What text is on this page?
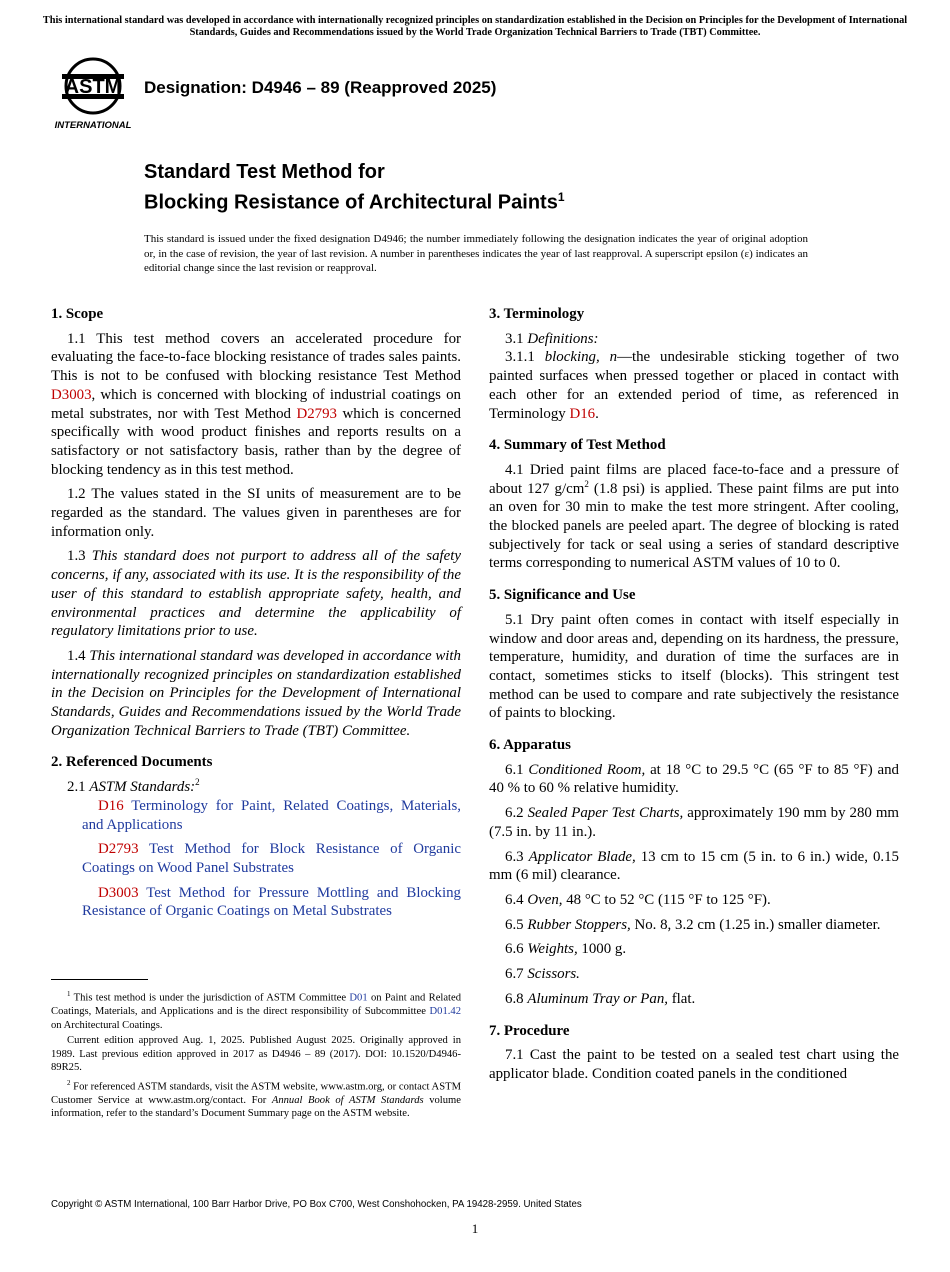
This international standard was developed in accordance with internationally recognized principles on standardization established in the Decision on Principles for the Development of International Standards, Guides and Recommendations issued by the World Trade Organization Technical Barriers to Trade (TBT) Committee.
ASTM
INTERNATIONAL
Designation: D4946 – 89 (Reapproved 2025)
Standard Test Method for
Blocking Resistance of Architectural Paints$^1$
This standard is issued under the fixed designation D4946; the number immediately following the designation indicates the year of original adoption or, in the case of revision, the year of last revision. A number in parentheses indicates the year of last reapproval. A superscript epsilon (ε) indicates an editorial change since the last revision or reapproval.
1. Scope

1.1 This test method covers an accelerated procedure for evaluating the face-to-face blocking resistance of trades sales paints. This is not to be confused with blocking resistance Test Method D3003, which is concerned with blocking of industrial coatings on metal substrates, nor with Test Method D2793 which is concerned specifically with wood product finishes and reports results on a satisfactory or not satisfactory basis, rather than by the degree of blocking tendency as in this test method.

1.2 The values stated in the SI units of measurement are to be regarded as the standard. The values given in parentheses are for information only.

1.3 This standard does not purport to address all of the safety concerns, if any, associated with its use. It is the responsibility of the user of this standard to establish appropriate safety, health, and environmental practices and determine the applicability of regulatory limitations prior to use.

1.4 This international standard was developed in accordance with internationally recognized principles on standardization established in the Decision on Principles for the Development of International Standards, Guides and Recommendations issued by the World Trade Organization Technical Barriers to Trade (TBT) Committee.

2. Referenced Documents

2.1 ASTM Standards:$^2$

D16 Terminology for Paint, Related Coatings, Materials, and Applications

D2793 Test Method for Block Resistance of Organic Coatings on Wood Panel Substrates

D3003 Test Method for Pressure Mottling and Blocking Resistance of Organic Coatings on Metal Substrates

$^1$ This test method is under the jurisdiction of ASTM Committee D01 on Paint and Related Coatings, Materials, and Applications and is the direct responsibility of Subcommittee D01.42 on Architectural Coatings.

Current edition approved Aug. 1, 2025. Published August 2025. Originally approved in 1989. Last previous edition approved in 2017 as D4946 – 89 (2017). DOI: 10.1520/D4946-89R25.

$^2$ For referenced ASTM standards, visit the ASTM website, www.astm.org, or contact ASTM Customer Service at www.astm.org/contact. For Annual Book of ASTM Standards volume information, refer to the standard’s Document Summary page on the ASTM website.

3. Terminology

3.1 Definitions:

3.1.1 blocking, n—the undesirable sticking together of two painted surfaces when pressed together or placed in contact with each other for an extended period of time, as referenced in Terminology D16.

4. Summary of Test Method

4.1 Dried paint films are placed face-to-face and a pressure of about 127 $g/cm^2$ (1.8 psi) is applied. These paint films are put into an oven for 30 min to make the test more stringent. After cooling, the blocked panels are peeled apart. The degree of blocking is rated subjectively for tack or seal using a series of standard descriptive terms corresponding to numerical ASTM values of 10 to 0.

5. Significance and Use

5.1 Dry paint often comes in contact with itself especially in window and door areas and, depending on its hardness, the pressure, temperature, humidity, and duration of time the surfaces are in contact, sometimes sticks to itself (blocks). This stringent test method can be used to compare and rate subjectively the resistance of paints to blocking.

6. Apparatus

6.1 Conditioned Room, at 18 °C to 29.5 °C (65 °F to 85 °F) and 40 % to 60 % relative humidity.

6.2 Sealed Paper Test Charts, approximately 190 mm by 280 mm (7.5 in. by 11 in.).

6.3 Applicator Blade, 13 cm to 15 cm (5 in. to 6 in.) wide, 0.15 mm (6 mil) clearance.

6.4 Oven, 48 °C to 52 °C (115 °F to 125 °F).

6.5 Rubber Stoppers, No. 8, 3.2 cm (1.25 in.) smaller diameter.

6.6 Weights, 1000 g.

6.7 Scissors.

6.8 Aluminum Tray or Pan, flat.

7. Procedure

7.1 Cast the paint to be tested on a sealed test chart using the applicator blade. Condition coated panels in the conditioned

Copyright © ASTM International, 100 Barr Harbor Drive, PO Box C700, West Conshohocken, PA 19428-2959. United States
1
